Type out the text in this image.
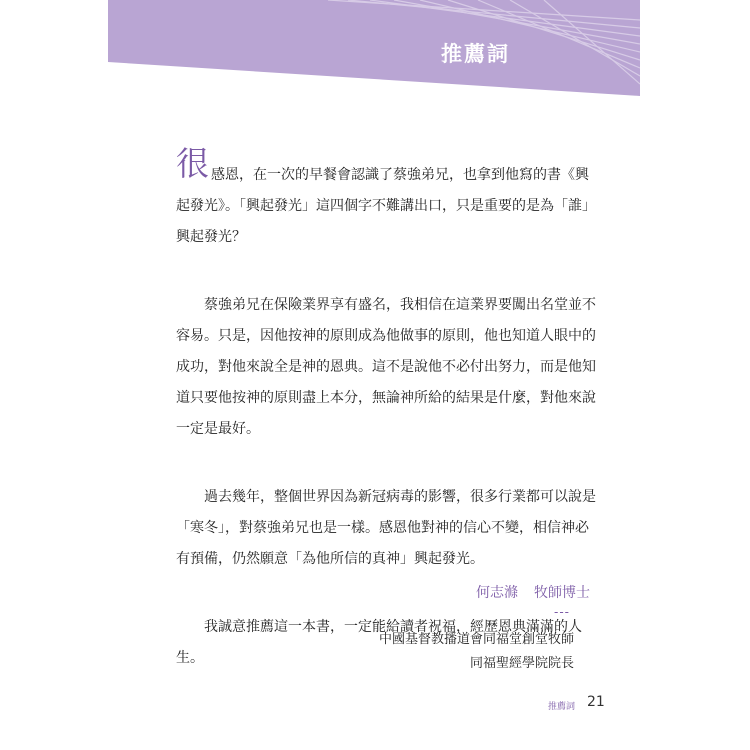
推薦詞

很感恩，在一次的早餐會認識了蔡強弟兄，也拿到他寫的書《興起發光》。「興起發光」這四個字不難講出口，只是重要的是為「誰」興起發光？

蔡強弟兄在保險業界享有盛名，我相信在這業界要闖出名堂並不容易。只是，因他按神的原則成為他做事的原則，他也知道人眼中的成功，對他來說全是神的恩典。這不是說他不必付出努力，而是他知道只要他按神的原則盡上本分，無論神所給的結果是什麼，對他來說一定是最好。

過去幾年，整個世界因為新冠病毒的影響，很多行業都可以說是「寒冬」，對蔡強弟兄也是一樣。感恩他對神的信心不變，相信神必有預備，仍然願意「為他所信的真神」興起發光。

我誠意推薦這一本書，一定能給讀者祝福，經歷恩典滿滿的人生。

何志滌 牧師博士
---
中國基督教播道會同福堂創堂牧師
同福聖經學院院長
推薦詞 21
